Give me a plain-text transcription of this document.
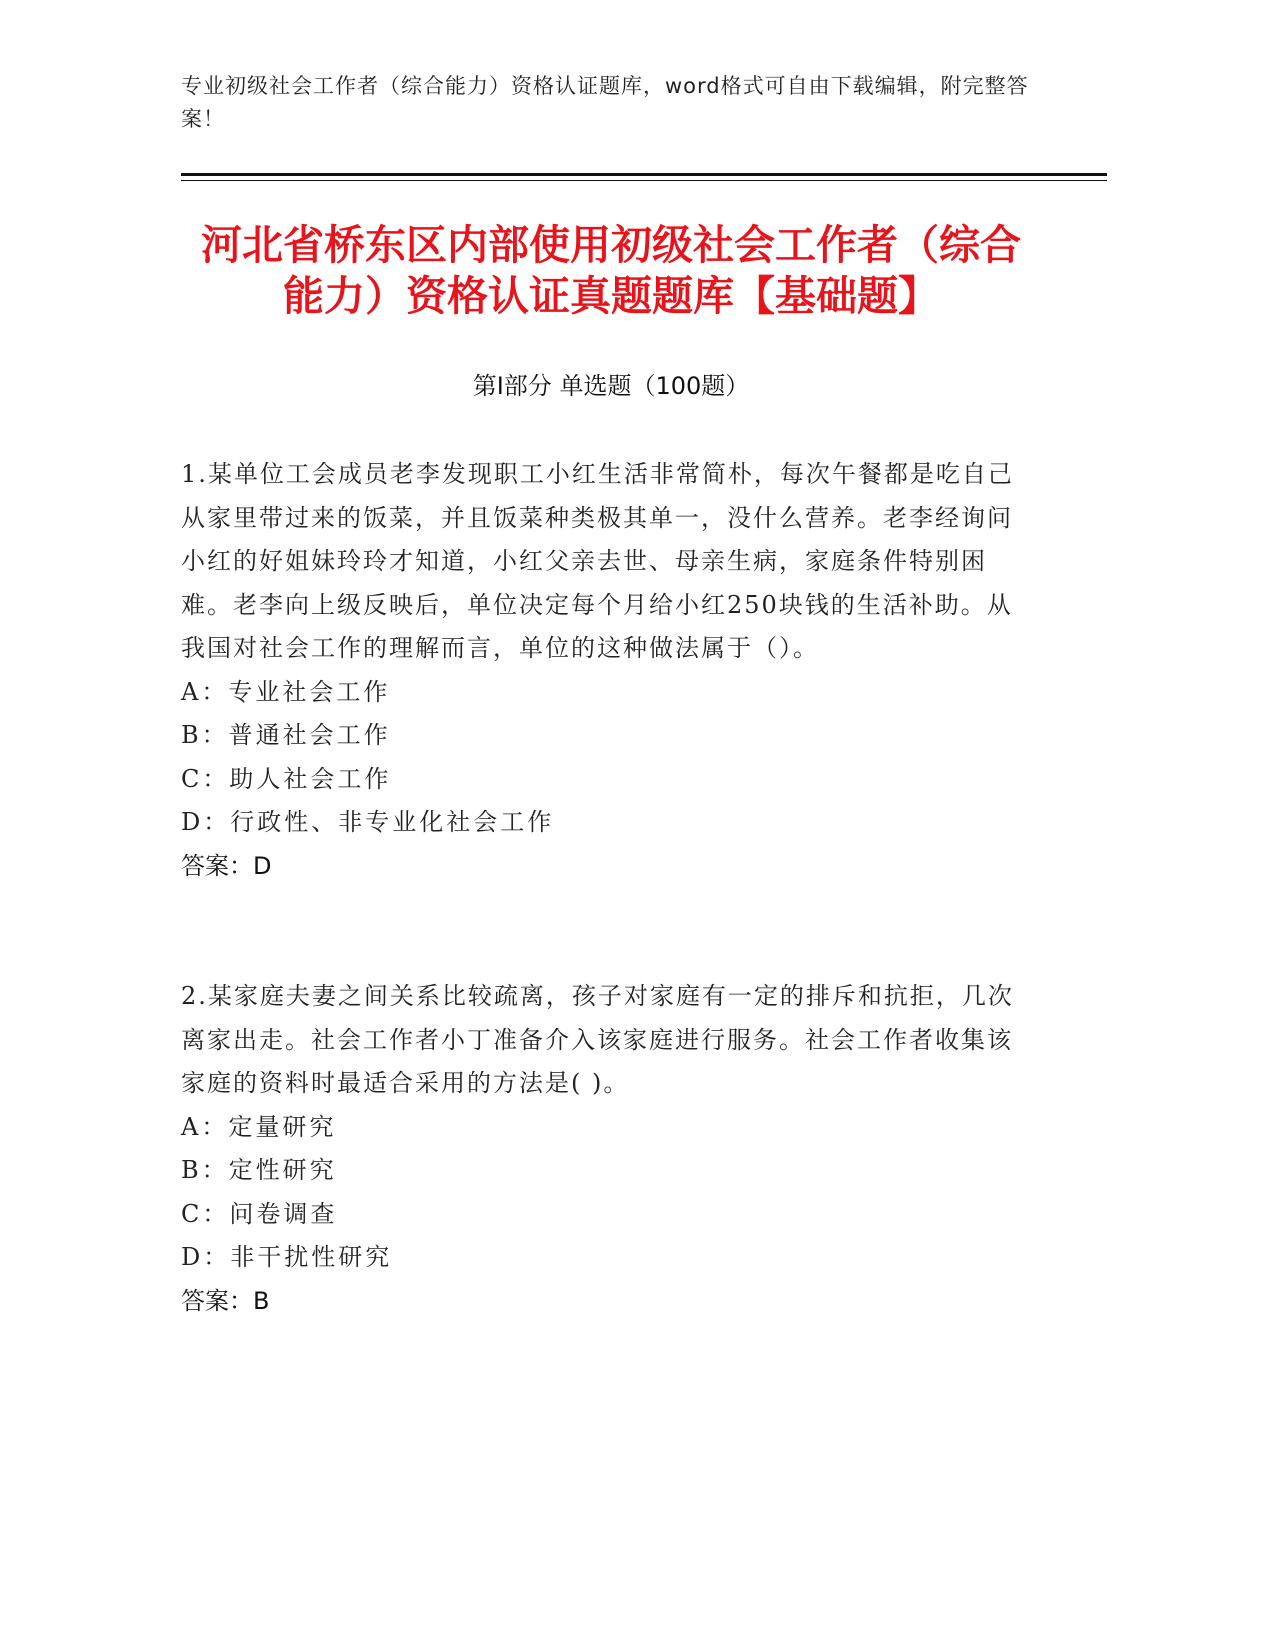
专业初级社会工作者（综合能力）资格认证题库，word格式可自由下载编辑，附完整答案！
河北省桥东区内部使用初级社会工作者（综合能力）资格认证真题题库【基础题】
第Ⅰ部分 单选题（100题）

1.某单位工会成员老李发现职工小红生活非常简朴，每次午餐都是吃自己从家里带过来的饭菜，并且饭菜种类极其单一，没什么营养。老李经询问小红的好姐妹玲玲才知道，小红父亲去世、母亲生病，家庭条件特别困难。老李向上级反映后，单位决定每个月给小红250块钱的生活补助。从我国对社会工作的理解而言，单位的这种做法属于（）。

A：专业社会工作

B：普通社会工作

C：助人社会工作

D：行政性、非专业化社会工作

答案：D

2.某家庭夫妻之间关系比较疏离，孩子对家庭有一定的排斥和抗拒，几次离家出走。社会工作者小丁准备介入该家庭进行服务。社会工作者收集该家庭的资料时最适合采用的方法是( )。

A：定量研究

B：定性研究

C：问卷调查

D：非干扰性研究

答案：B
